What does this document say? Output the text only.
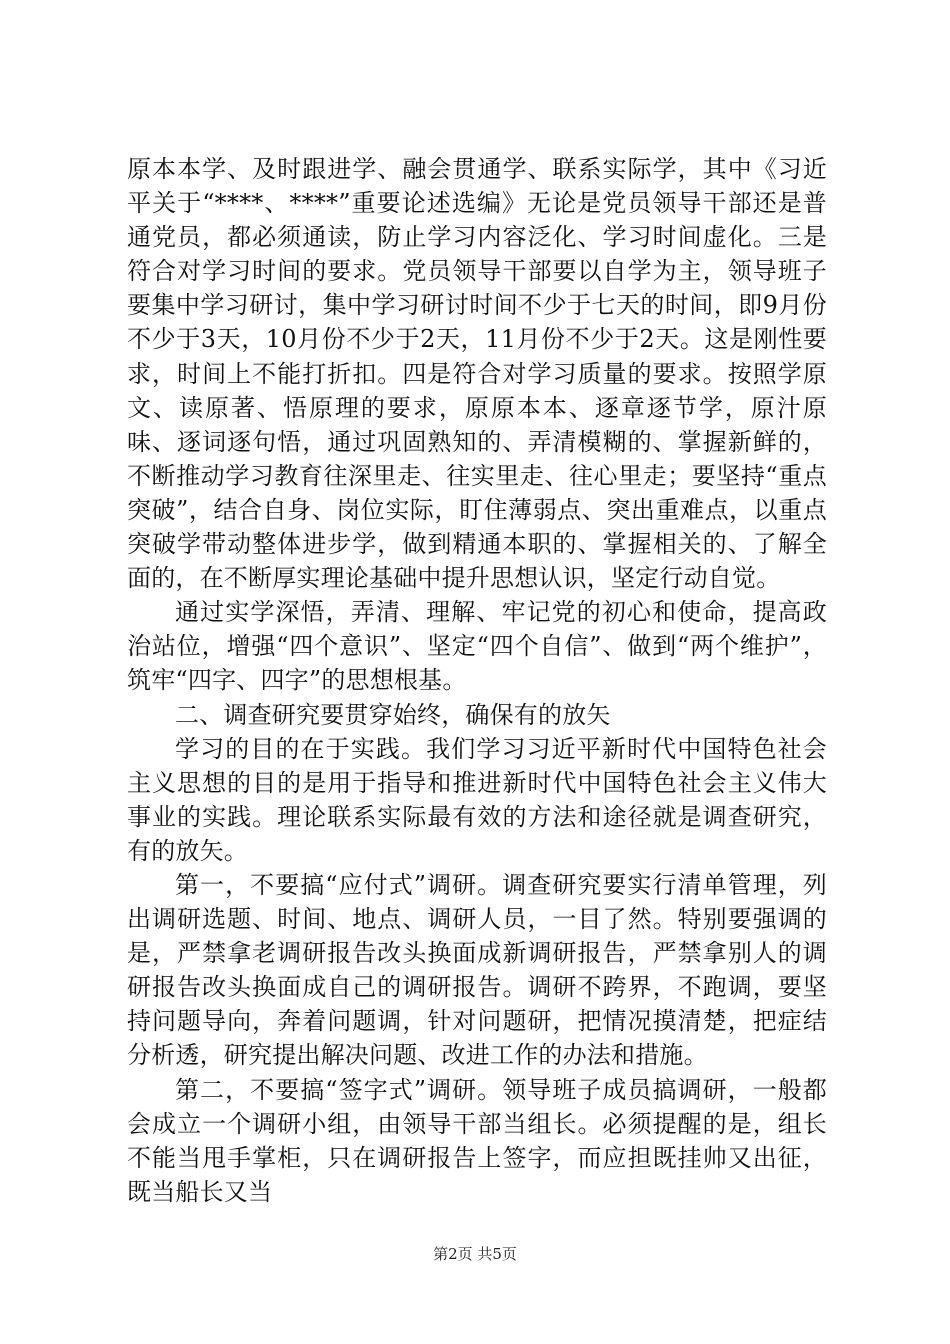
原本本学、及时跟进学、融会贯通学、联系实际学，其中《习近平关于“****、****”重要论述选编》无论是党员领导干部还是普通党员，都必须通读，防止学习内容泛化、学习时间虚化。三是符合对学习时间的要求。党员领导干部要以自学为主，领导班子要集中学习研讨，集中学习研讨时间不少于七天的时间，即9月份不少于3天，10月份不少于2天，11月份不少于2天。这是刚性要求，时间上不能打折扣。四是符合对学习质量的要求。按照学原文、读原著、悟原理的要求，原原本本、逐章逐节学，原汁原味、逐词逐句悟，通过巩固熟知的、弄清模糊的、掌握新鲜的，不断推动学习教育往深里走、往实里走、往心里走；要坚持“重点突破”，结合自身、岗位实际，盯住薄弱点、突出重难点，以重点突破学带动整体进步学，做到精通本职的、掌握相关的、了解全面的，在不断厚实理论基础中提升思想认识，坚定行动自觉。

通过实学深悟，弄清、理解、牢记党的初心和使命，提高政治站位，增强“四个意识”、坚定“四个自信”、做到“两个维护”，筑牢“四字、四字”的思想根基。

二、调查研究要贯穿始终，确保有的放矢

学习的目的在于实践。我们学习习近平新时代中国特色社会主义思想的目的是用于指导和推进新时代中国特色社会主义伟大事业的实践。理论联系实际最有效的方法和途径就是调查研究，有的放矢。

第一，不要搞“应付式”调研。调查研究要实行清单管理，列出调研选题、时间、地点、调研人员，一目了然。特别要强调的是，严禁拿老调研报告改头换面成新调研报告，严禁拿别人的调研报告改头换面成自己的调研报告。调研不跨界，不跑调，要坚持问题导向，奔着问题调，针对问题研，把情况摸清楚，把症结分析透，研究提出解决问题、改进工作的办法和措施。

第二，不要搞“签字式”调研。领导班子成员搞调研，一般都会成立一个调研小组，由领导干部当组长。必须提醒的是，组长不能当甩手掌柜，只在调研报告上签字，而应担既挂帅又出征，既当船长又当

第2页 共5页
